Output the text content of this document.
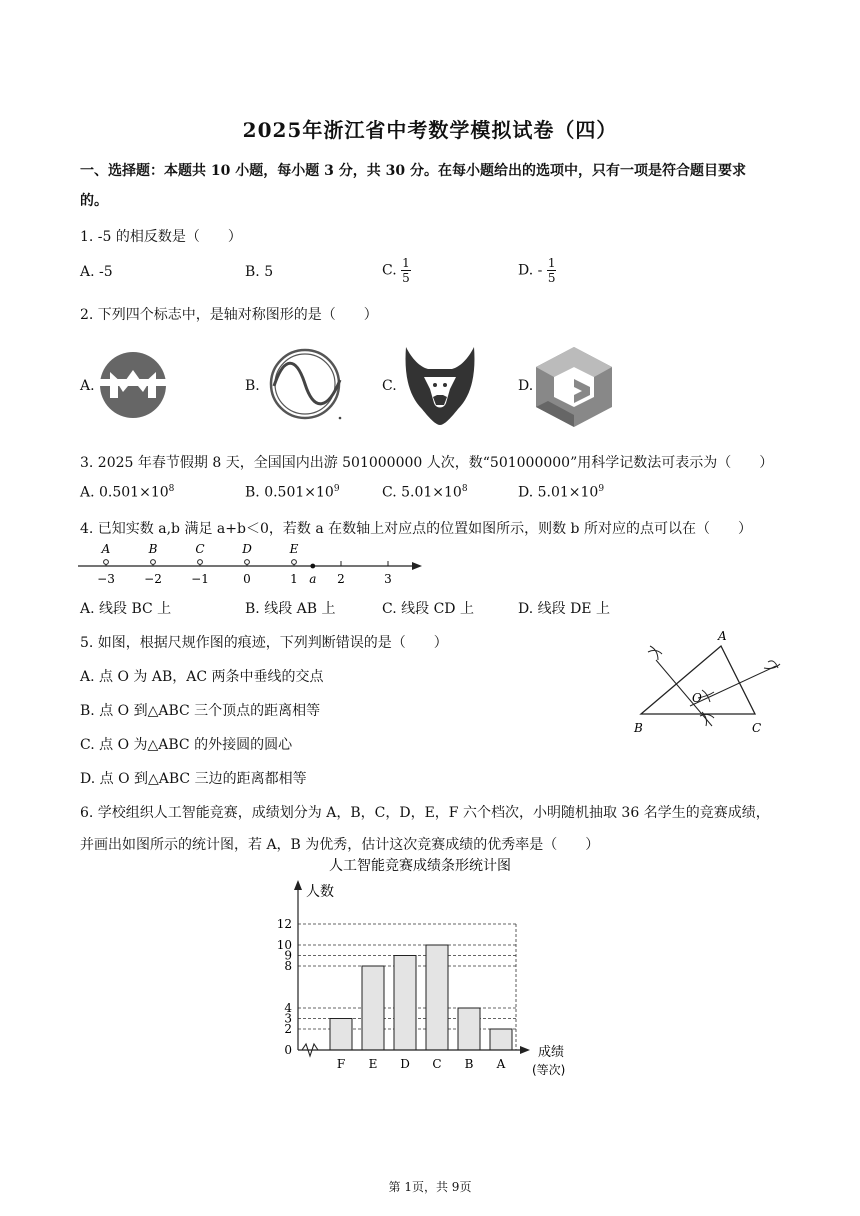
2025年浙江省中考数学模拟试卷（四）
一、选择题：本题共 10 小题，每小题 3 分，共 30 分。在每小题给出的选项中，只有一项是符合题目要求
的。
1. -5 的相反数是（　　）
A. -5	B. 5	C. $\frac{1}{5}$	D. - $\frac{1}{5}$
2. 下列四个标志中，是轴对称图形的是（　　）
A.	B.	C.	D.
3. 2025 年春节假期 8 天，全国国内出游 501000000 人次，数“501000000”用科学记数法可表示为（　　）
A. $0.501\times 10^8$	B. $0.501\times 10^9$	C. $5.01\times 10^8$	D. $5.01\times 10^9$
4. 已知实数 a,b 满足 a+b＜0，若数 a 在数轴上对应点的位置如图所示，则数 b 所对应的点可以在（　　）
−3 −2 −1	0	1	2	3
A	B	C	D	E
a
A. 线段 BC 上	B. 线段 AB 上	C. 线段 CD 上	D. 线段 DE 上
5. 如图，根据尺规作图的痕迹，下列判断错误的是（　　）
A. 点 O 为 AB，AC 两条中垂线的交点
B. 点 O 到△ABC 三个顶点的距离相等
C. 点 O 为△ABC 的外接圆的圆心
D. 点 O 到△ABC 三边的距离都相等
A
B	C
O
6. 学校组织人工智能竞赛，成绩划分为 A，B，C，D，E，F 六个档次，小明随机抽取 36 名学生的竞赛成绩，
并画出如图所示的统计图，若 A，B 为优秀，估计这次竞赛成绩的优秀率是（　　）
人工智能竞赛成绩条形统计图
人数
成绩
(等次)
0
2
3
4
8
9
10
12
F E D C B A
第 1页，共 9页
